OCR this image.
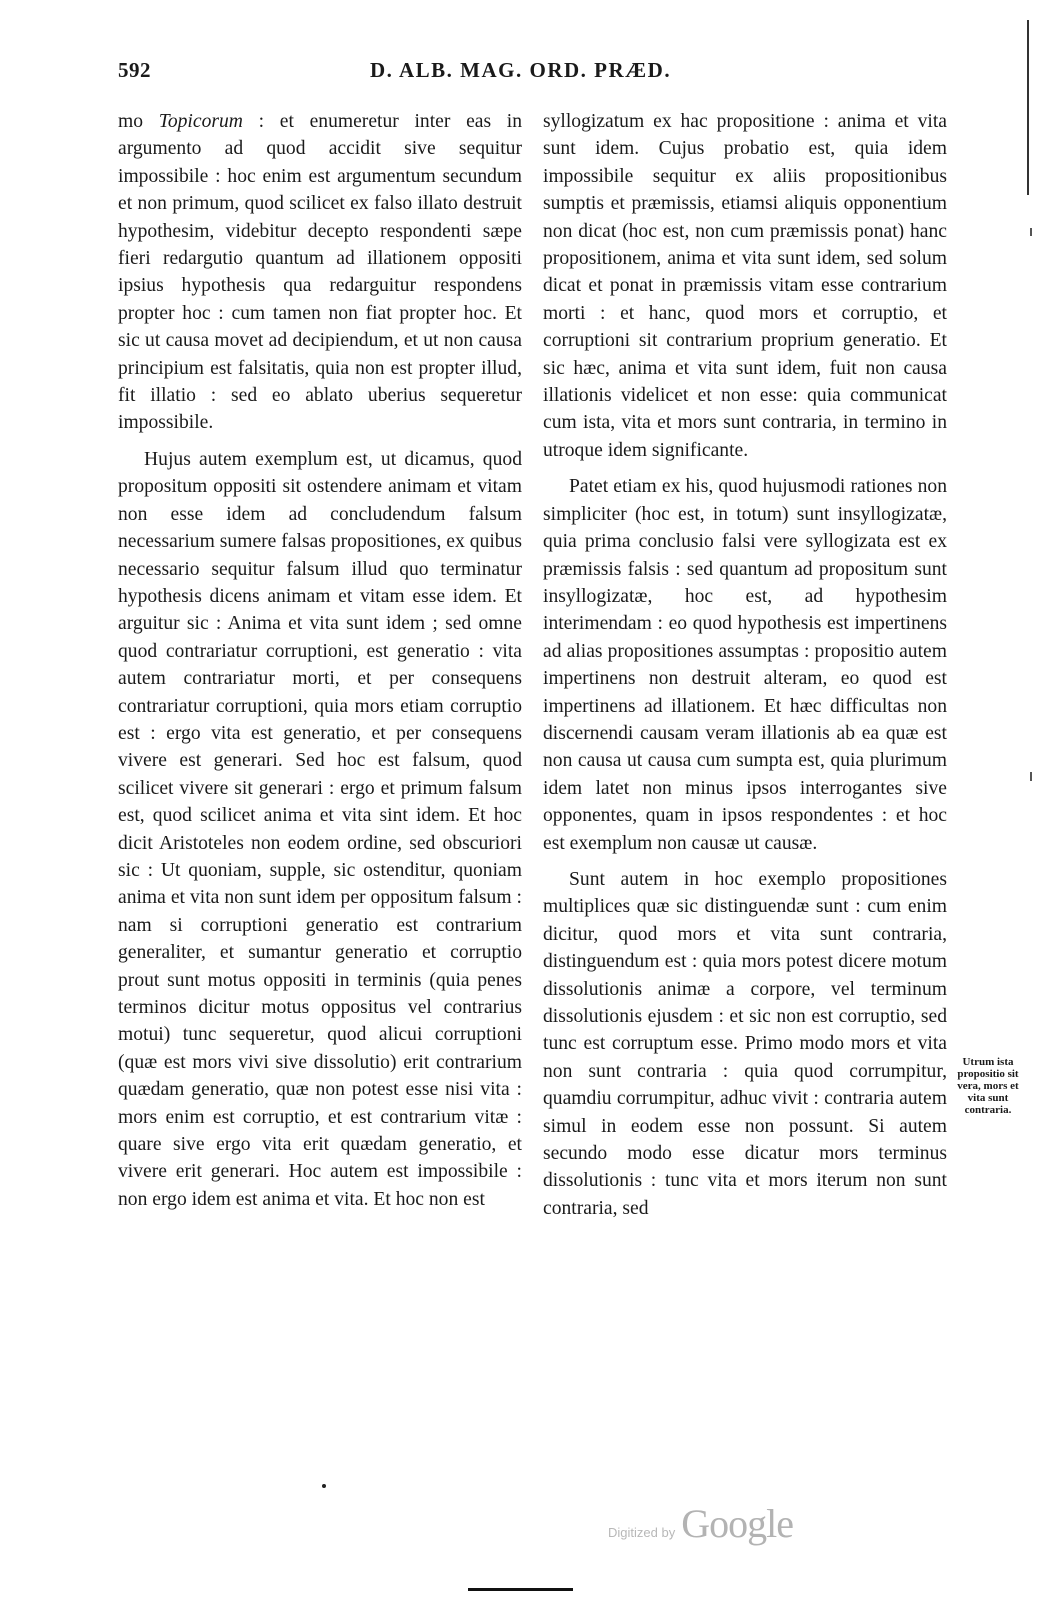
592	D. ALB. MAG. ORD. PRÆD.

mo Topicorum : et enumeretur inter eas in argumento ad quod accidit sive sequitur impossibile : hoc enim est argumentum secundum et non primum, quod scilicet ex falso illato destruit hypothesim, videbitur decepto respondenti sæpe fieri redargutio quantum ad illationem oppositi ipsius hypothesis qua redarguitur respondens propter hoc : cum tamen non fiat propter hoc. Et sic ut causa movet ad decipiendum, et ut non causa principium est falsitatis, quia non est propter illud, fit illatio : sed eo ablato uberius sequeretur impossibile.

Hujus autem exemplum est, ut dicamus, quod propositum oppositi sit ostendere animam et vitam non esse idem ad concludendum falsum necessarium sumere falsas propositiones, ex quibus necessario sequitur falsum illud quo terminatur hypothesis dicens animam et vitam esse idem. Et arguitur sic : Anima et vita sunt idem ; sed omne quod contrariatur corruptioni, est generatio : vita autem contrariatur morti, et per consequens contrariatur corruptioni, quia mors etiam corruptio est : ergo vita est generatio, et per consequens vivere est generari. Sed hoc est falsum, quod scilicet vivere sit generari : ergo et primum falsum est, quod scilicet anima et vita sint idem. Et hoc dicit Aristoteles non eodem ordine, sed obscuriori sic : Ut quoniam, supple, sic ostenditur, quoniam anima et vita non sunt idem per oppositum falsum : nam si corruptioni generatio est contrarium generaliter, et sumantur generatio et corruptio prout sunt motus oppositi in terminis (quia penes terminos dicitur motus oppositus vel contrarius motui) tunc sequeretur, quod alicui corruptioni (quæ est mors vivi sive dissolutio) erit contrarium quædam generatio, quæ non potest esse nisi vita : mors enim est corruptio, et est contrarium vitæ : quare sive ergo vita erit quædam generatio, et vivere erit generari. Hoc autem est impossibile : non ergo idem est anima et vita. Et hoc non est

syllogizatum ex hac propositione : anima et vita sunt idem. Cujus probatio est, quia idem impossibile sequitur ex aliis propositionibus sumptis et præmissis, etiamsi aliquis opponentium non dicat (hoc est, non cum præmissis ponat) hanc propositionem, anima et vita sunt idem, sed solum dicat et ponat in præmissis vitam esse contrarium morti : et hanc, quod mors et corruptio, et corruptioni sit contrarium proprium generatio. Et sic hæc, anima et vita sunt idem, fuit non causa illationis videlicet et non esse: quia communicat cum ista, vita et mors sunt contraria, in termino in utroque idem significante.

Patet etiam ex his, quod hujusmodi rationes non simpliciter (hoc est, in totum) sunt insyllogizatæ, quia prima conclusio falsi vere syllogizata est ex præmissis falsis : sed quantum ad propositum sunt insyllogizatæ, hoc est, ad hypothesim interimendam : eo quod hypothesis est impertinens ad alias propositiones assumptas : propositio autem impertinens non destruit alteram, eo quod est impertinens ad illationem. Et hæc difficultas non discernendi causam veram illationis ab ea quæ est non causa ut causa cum sumpta est, quia plurimum idem latet non minus ipsos interrogantes sive opponentes, quam in ipsos respondentes : et hoc est exemplum non causæ ut causæ.

Sunt autem in hoc exemplo propositiones multiplices quæ sic distinguendæ sunt : cum enim dicitur, quod mors et vita sunt contraria, distinguendum est : quia mors potest dicere motum dissolutionis animæ a corpore, vel terminum dissolutionis ejusdem : et sic non est corruptio, sed tunc est corruptum esse. Primo modo mors et vita non sunt contraria : quia quod corrumpitur, quamdiu corrumpitur, adhuc vivit : contraria autem simul in eodem esse non possunt. Si autem secundo modo esse dicatur mors terminus dissolutionis : tunc vita et mors iterum non sunt contraria, sed

Utrum ista propositio sit vera, mors et vita sunt contraria.
Digitized by Google
